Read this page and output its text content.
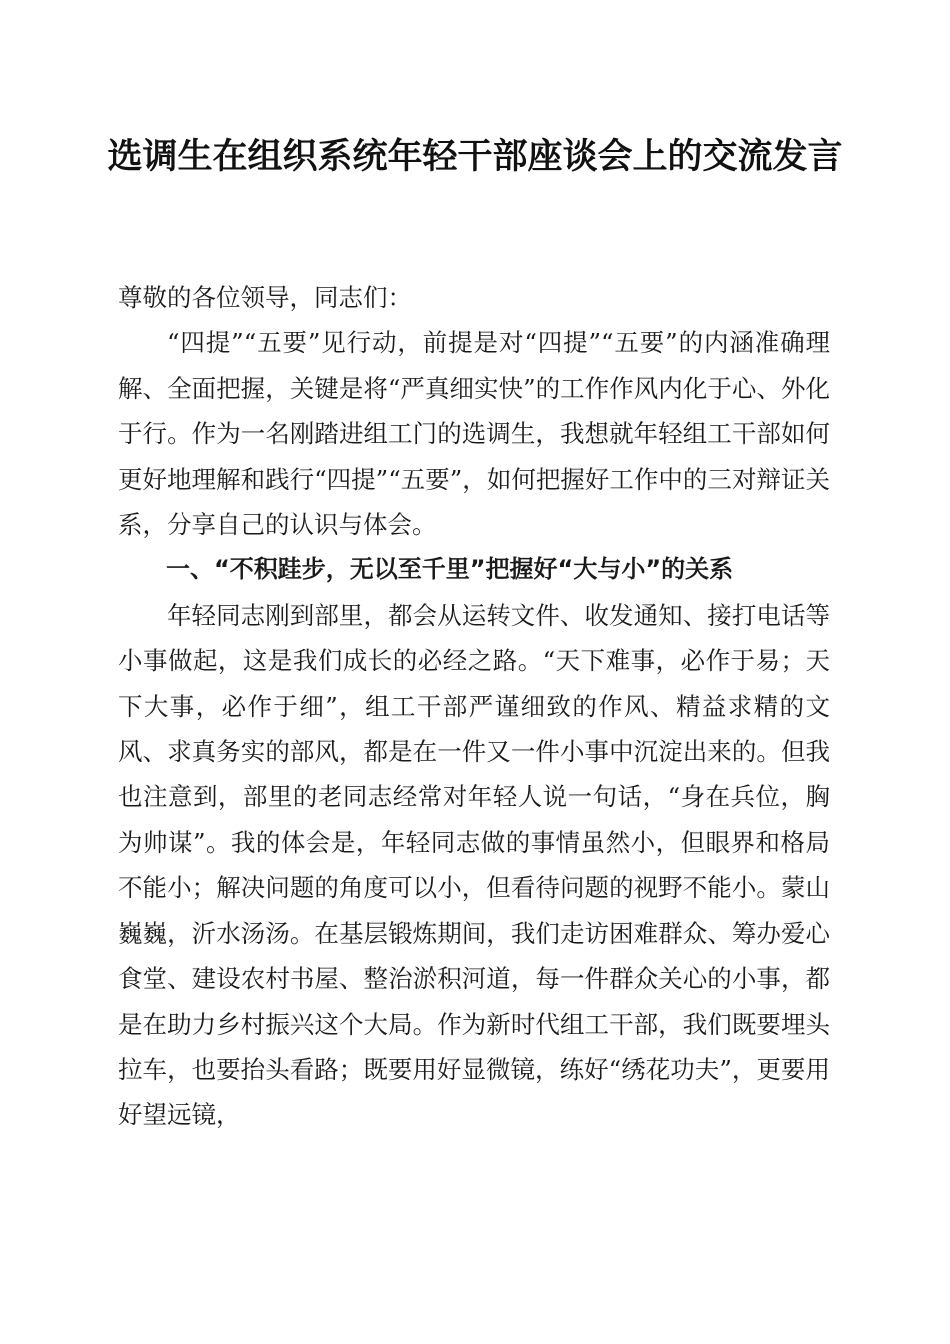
选调生在组织系统年轻干部座谈会上的交流发言

尊敬的各位领导，同志们：

“四提”“五要”见行动，前提是对“四提”“五要”的内涵准确理解、全面把握，关键是将“严真细实快”的工作作风内化于心、外化于行。作为一名刚踏进组工门的选调生，我想就年轻组工干部如何更好地理解和践行“四提”“五要”，如何把握好工作中的三对辩证关系，分享自己的认识与体会。

一、“不积跬步，无以至千里”把握好“大与小”的关系

年轻同志刚到部里，都会从运转文件、收发通知、接打电话等小事做起，这是我们成长的必经之路。“天下难事，必作于易；天下大事，必作于细”，组工干部严谨细致的作风、精益求精的文风、求真务实的部风，都是在一件又一件小事中沉淀出来的。但我也注意到，部里的老同志经常对年轻人说一句话，“身在兵位，胸为帅谋”。我的体会是，年轻同志做的事情虽然小，但眼界和格局不能小；解决问题的角度可以小，但看待问题的视野不能小。蒙山巍巍，沂水汤汤。在基层锻炼期间，我们走访困难群众、筹办爱心食堂、建设农村书屋、整治淤积河道，每一件群众关心的小事，都是在助力乡村振兴这个大局。作为新时代组工干部，我们既要埋头拉车，也要抬头看路；既要用好显微镜，练好“绣花功夫”，更要用好望远镜，
